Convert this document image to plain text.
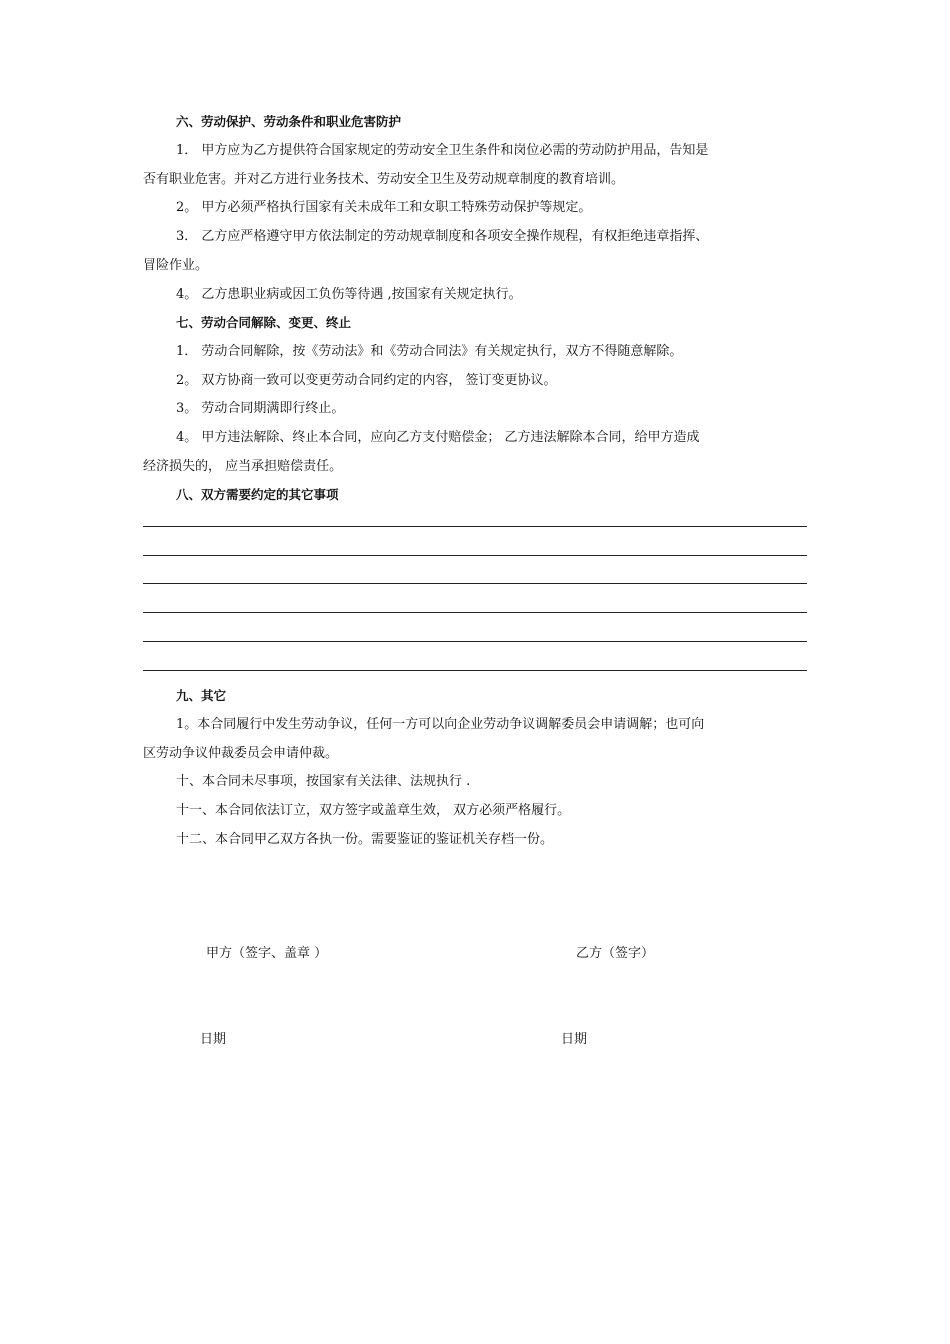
六、劳动保护、劳动条件和职业危害防护

1． 甲方应为乙方提供符合国家规定的劳动安全卫生条件和岗位必需的劳动防护用品，告知是

否有职业危害。并对乙方进行业务技术、劳动安全卫生及劳动规章制度的教育培训。

2。 甲方必须严格执行国家有关未成年工和女职工特殊劳动保护等规定。

3． 乙方应严格遵守甲方依法制定的劳动规章制度和各项安全操作规程，有权拒绝违章指挥、

冒险作业。

4。 乙方患职业病或因工负伤等待遇 ,按国家有关规定执行。

七、劳动合同解除、变更、终止

1． 劳动合同解除，按《劳动法》和《劳动合同法》有关规定执行，双方不得随意解除。

2。 双方协商一致可以变更劳动合同约定的内容， 签订变更协议。

3。 劳动合同期满即行终止。

4。 甲方违法解除、终止本合同，应向乙方支付赔偿金； 乙方违法解除本合同，给甲方造成

经济损失的， 应当承担赔偿责任。

八、双方需要约定的其它事项

九、其它

1。本合同履行中发生劳动争议，任何一方可以向企业劳动争议调解委员会申请调解；也可向

区劳动争议仲裁委员会申请仲裁。

十、本合同未尽事项，按国家有关法律、法规执行 .

十一、本合同依法订立，双方签字或盖章生效， 双方必须严格履行。

十二、本合同甲乙双方各执一份。需要鉴证的鉴证机关存档一份。

甲方（签字、盖章 ）	乙方（签字）

日期	日期
